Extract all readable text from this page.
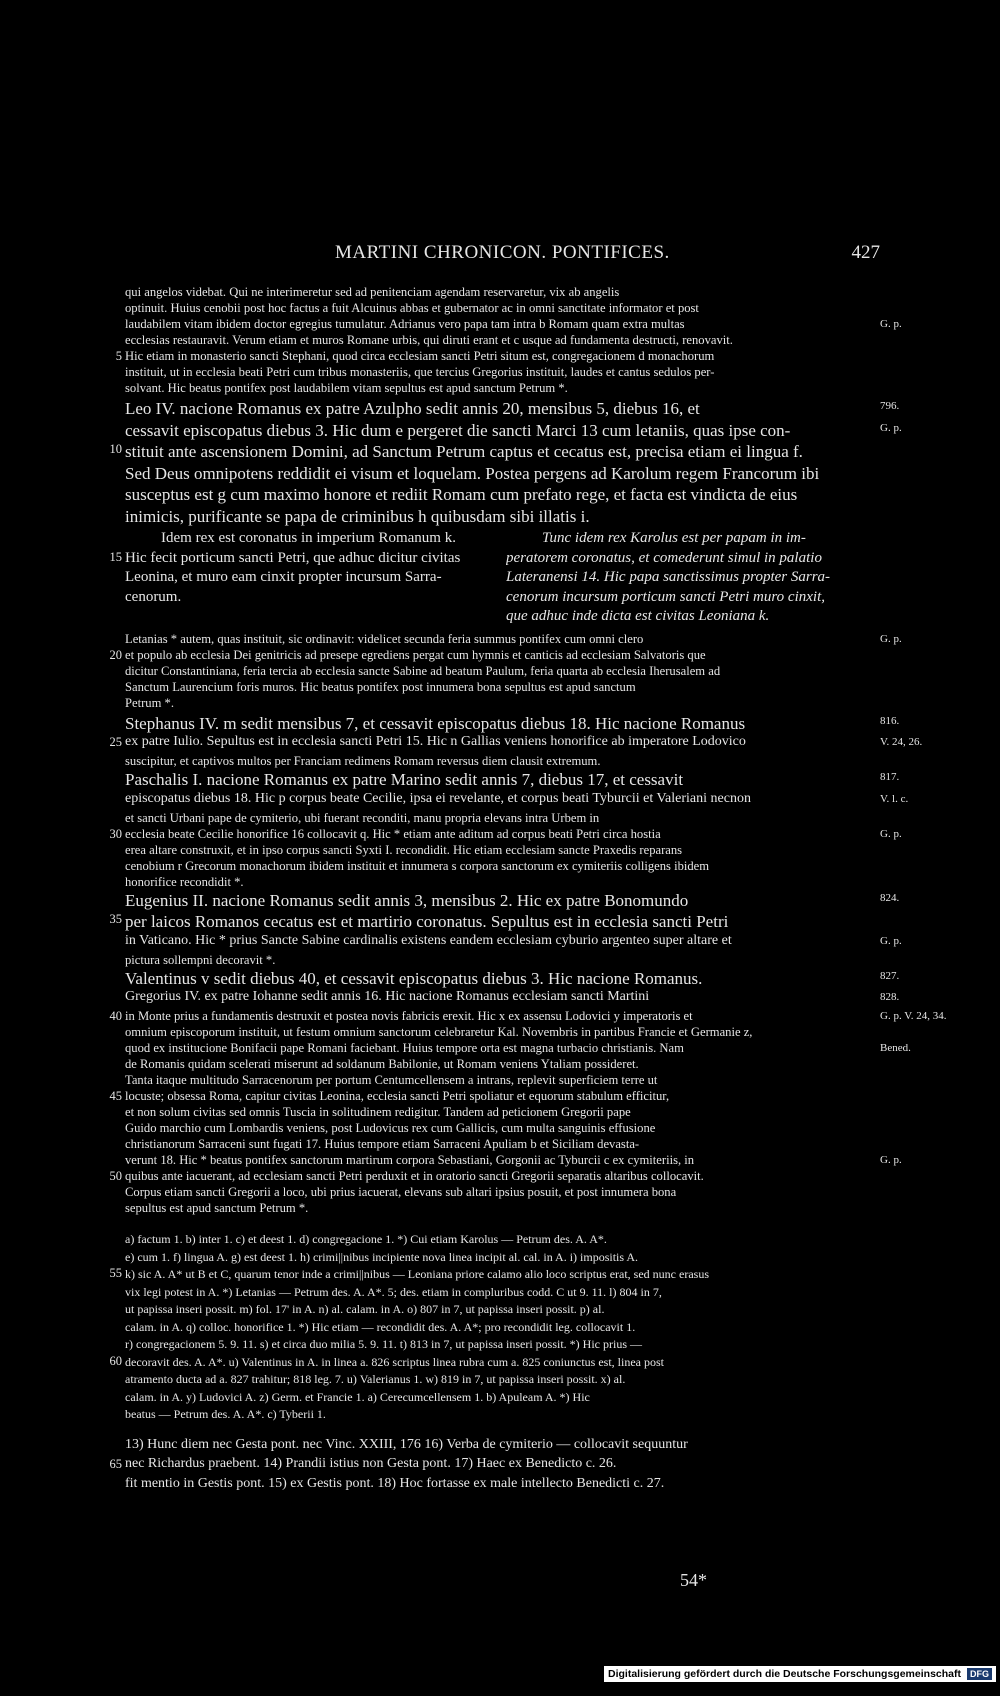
MARTINI CHRONICON. PONTIFICES.	427
qui angelos videbat. Qui ne interimeretur sed ad penitenciam agendam reservaretur, vix ab angelis
optinuit. Huius cenobii post hoc factus a fuit Alcuinus abbas et gubernator ac in omni sanctitate informator et post
laudabilem vitam ibidem doctor egregius tumulatur. Adrianus vero papa tam intra b Romam quam extra multas	G. p.
ecclesias restauravit. Verum etiam et muros Romane urbis, qui diruti erant et c usque ad fundamenta destructi, renovavit.
Hic etiam in monasterio sancti Stephani, quod circa ecclesiam sancti Petri situm est, congregacionem d monachorum
5
instituit, ut in ecclesia beati Petri cum tribus monasteriis, que tercius Gregorius instituit, laudes et cantus sedulos per-
solvant. Hic beatus pontifex post laudabilem vitam sepultus est apud sanctum Petrum *.
Leo IV. nacione Romanus ex patre Azulpho sedit annis 20, mensibus 5, diebus 16, et	796.
cessavit episcopatus diebus 3. Hic dum e pergeret die sancti Marci 13 cum letaniis, quas ipse con-	G. p.
stituit ante ascensionem Domini, ad Sanctum Petrum captus et cecatus est, precisa etiam ei lingua f.
10
Sed Deus omnipotens reddidit ei visum et loquelam. Postea pergens ad Karolum regem Francorum ibi
susceptus est g cum maximo honore et rediit Romam cum prefato rege, et facta est vindicta de eius
inimicis, purificante se papa de criminibus h quibusdam sibi illatis i.
Idem rex est coronatus in imperium Romanum k.
Hic fecit porticum sancti Petri, que adhuc dicitur civitas
Leonina, et muro eam cinxit propter incursum Sarra-
cenorum.
15
Tunc idem rex Karolus est per papam in im-
peratorem coronatus, et comederunt simul in palatio
Lateranensi 14. Hic papa sanctissimus propter Sarra-
cenorum incursum porticum sancti Petri muro cinxit,
que adhuc inde dicta est civitas Leoniana k.
Letanias * autem, quas instituit, sic ordinavit: videlicet secunda feria summus pontifex cum omni clero	G. p.
et populo ab ecclesia Dei genitricis ad presepe egrediens pergat cum hymnis et canticis ad ecclesiam Salvatoris que
20
dicitur Constantiniana, feria tercia ab ecclesia sancte Sabine ad beatum Paulum, feria quarta ab ecclesia Iherusalem ad
Sanctum Laurencium foris muros. Hic beatus pontifex post innumera bona sepultus est apud sanctum
Petrum *.
Stephanus IV. m sedit mensibus 7, et cessavit episcopatus diebus 18. Hic nacione Romanus	816.
ex patre Iulio. Sepultus est in ecclesia sancti Petri 15. Hic n Gallias veniens honorifice ab imperatore Lodovico
25	V. 24, 26.
suscipitur, et captivos multos per Franciam redimens Romam reversus diem clausit extremum.
Paschalis I. nacione Romanus ex patre Marino sedit annis 7, diebus 17, et cessavit	817.
episcopatus diebus 18. Hic p corpus beate Cecilie, ipsa ei revelante, et corpus beati Tyburcii et Valeriani necnon	V. l. c.
et sancti Urbani pape de cymiterio, ubi fuerant reconditi, manu propria elevans intra Urbem in
ecclesia beate Cecilie honorifice 16 collocavit q. Hic * etiam ante aditum ad corpus beati Petri circa hostia
30	G. p.
erea altare construxit, et in ipso corpus sancti Syxti I. recondidit. Hic etiam ecclesiam sancte Praxedis reparans
cenobium r Grecorum monachorum ibidem instituit et innumera s corpora sanctorum ex cymiteriis colligens ibidem
honorifice recondidit *.
Eugenius II. nacione Romanus sedit annis 3, mensibus 2. Hic ex patre Bonomundo	824.
per laicos Romanos cecatus est et martirio coronatus. Sepultus est in ecclesia sancti Petri
35
in Vaticano. Hic * prius Sancte Sabine cardinalis existens eandem ecclesiam cyburio argenteo super altare et	G. p.
pictura sollempni decoravit *.
Valentinus v sedit diebus 40, et cessavit episcopatus diebus 3. Hic nacione Romanus.	827.
Gregorius IV. ex patre Iohanne sedit annis 16. Hic nacione Romanus ecclesiam sancti Martini	828.
in Monte prius a fundamentis destruxit et postea novis fabricis erexit. Hic x ex assensu Lodovici y imperatoris et
40	G. p. V. 24, 34.
omnium episcoporum instituit, ut festum omnium sanctorum celebraretur Kal. Novembris in partibus Francie et Germanie z,
quod ex institucione Bonifacii pape Romani faciebant. Huius tempore orta est magna turbacio christianis. Nam	Bened.
de Romanis quidam scelerati miserunt ad soldanum Babilonie, ut Romam veniens Ytaliam possideret.
Tanta itaque multitudo Sarracenorum per portum Centumcellensem a intrans, replevit superficiem terre ut
locuste; obsessa Roma, capitur civitas Leonina, ecclesia sancti Petri spoliatur et equorum stabulum efficitur,
45
et non solum civitas sed omnis Tuscia in solitudinem redigitur. Tandem ad peticionem Gregorii pape
Guido marchio cum Lombardis veniens, post Ludovicus rex cum Gallicis, cum multa sanguinis effusione
christianorum Sarraceni sunt fugati 17. Huius tempore etiam Sarraceni Apuliam b et Siciliam devasta-
verunt 18. Hic * beatus pontifex sanctorum martirum corpora Sebastiani, Gorgonii ac Tyburcii c ex cymiteriis, in	G. p.
quibus ante iacuerant, ad ecclesiam sancti Petri perduxit et in oratorio sancti Gregorii separatis altaribus collocavit.
50
Corpus etiam sancti Gregorii a loco, ubi prius iacuerat, elevans sub altari ipsius posuit, et post innumera bona
sepultus est apud sanctum Petrum *.
a) factum 1. b) inter 1. c) et deest 1. d) congregacione 1. *) Cui etiam Karolus — Petrum des. A. A*.
e) cum 1. f) lingua A. g) est deest 1. h) crimi||nibus incipiente nova linea incipit al. cal. in A. i) impositis A.
k) sic A. A* ut B et C, quarum tenor inde a crimi||nibus — Leoniana priore calamo alio loco scriptus erat, sed nunc erasus
55
vix legi potest in A. *) Letanias — Petrum des. A. A*. 5; des. etiam in compluribus codd. C ut 9. 11. l) 804 in 7,
ut papissa inseri possit. m) fol. 17' in A. n) al. calam. in A. o) 807 in 7, ut papissa inseri possit. p) al.
calam. in A. q) colloc. honorifice 1. *) Hic etiam — recondidit des. A. A*; pro recondidit leg. collocavit 1.
r) congregacionem 5. 9. 11. s) et circa duo milia 5. 9. 11. t) 813 in 7, ut papissa inseri possit. *) Hic prius —
decoravit des. A. A*. u) Valentinus in A. in linea a. 826 scriptus linea rubra cum a. 825 coniunctus est, linea post
60
atramento ducta ad a. 827 trahitur; 818 leg. 7. u) Valerianus 1. w) 819 in 7, ut papissa inseri possit. x) al.
calam. in A. y) Ludovici A. z) Germ. et Francie 1. a) Cerecumcellensem 1. b) Apuleam A. *) Hic
beatus — Petrum des. A. A*. c) Tyberii 1.
13) Hunc diem nec Gesta pont. nec Vinc. XXIII, 176 16) Verba de cymiterio — collocavit sequuntur
nec Richardus praebent. 14) Prandii istius non Gesta pont. 17) Haec ex Benedicto c. 26.
65
fit mentio in Gestis pont. 15) ex Gestis pont. 18) Hoc fortasse ex male intellecto Benedicti c. 27.
54*
Digitalisierung gefördert durch die Deutsche Forschungsgemeinschaft	DFG
